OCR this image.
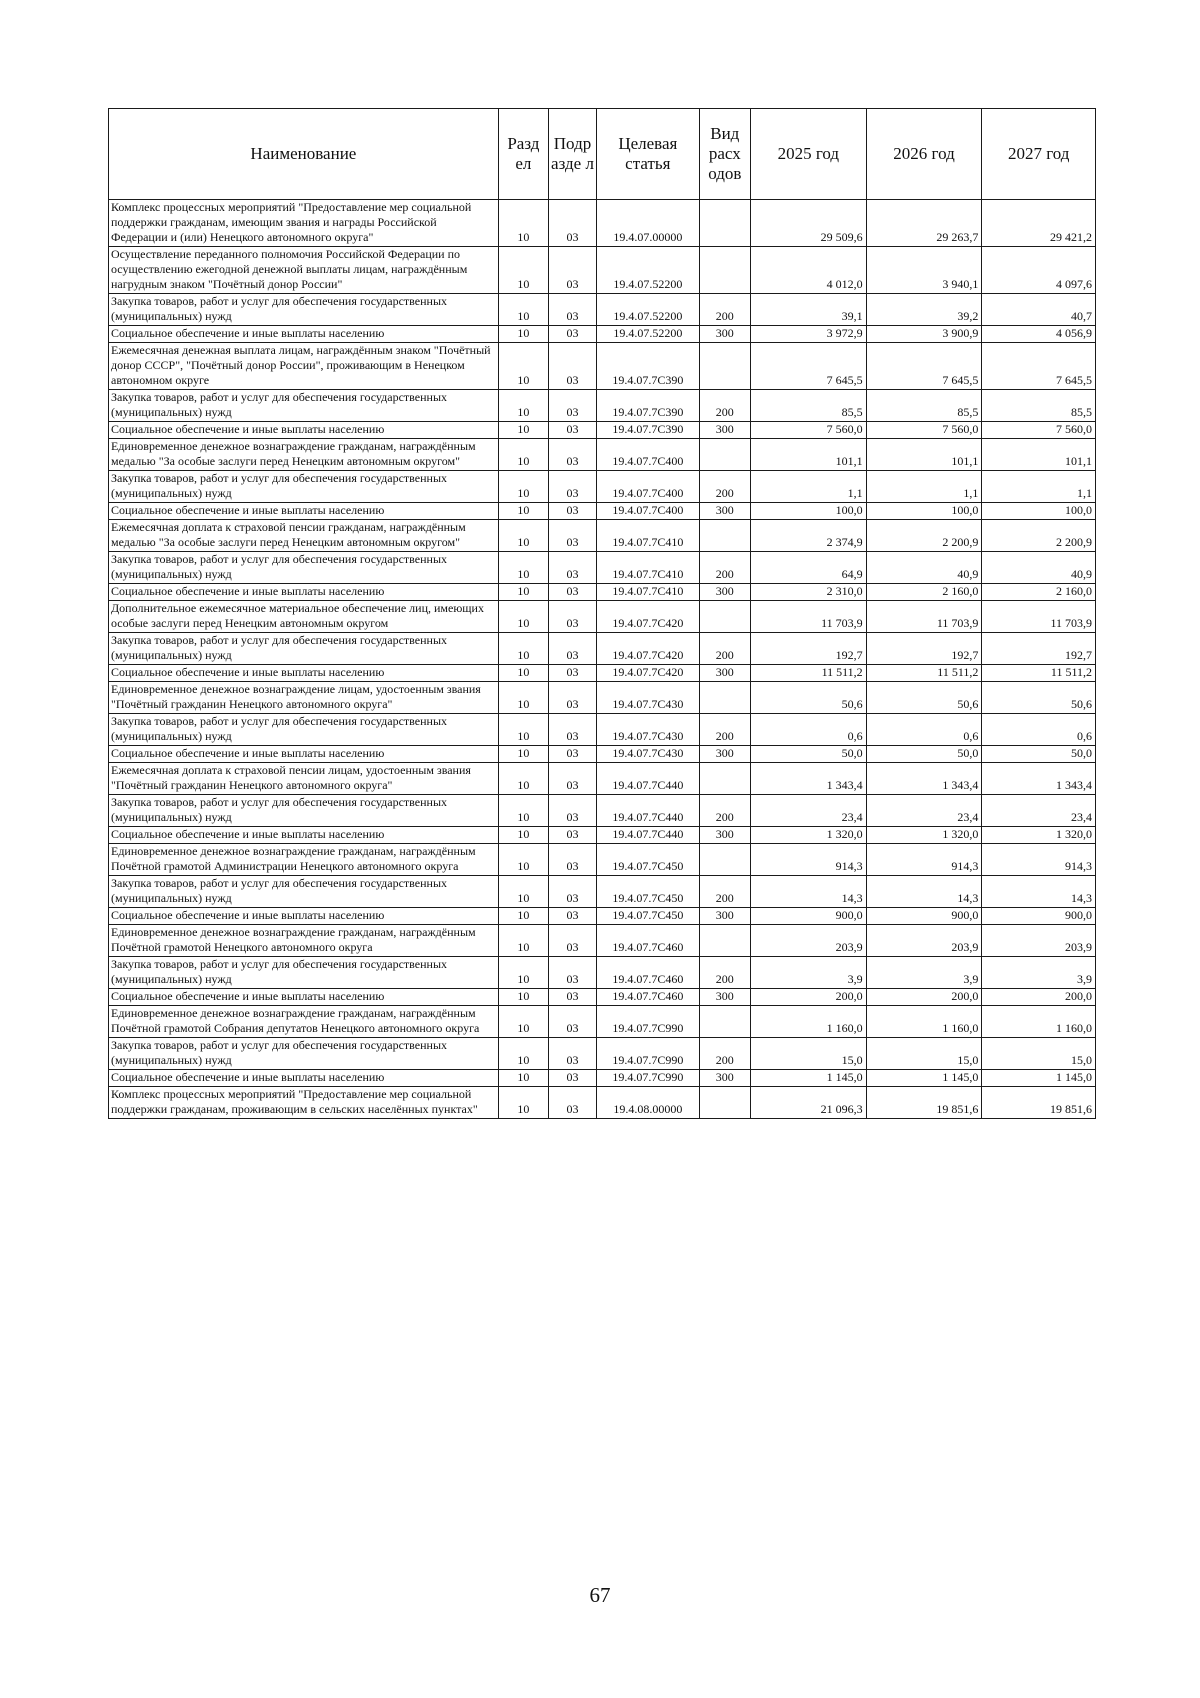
Наименование	Разд ел	Подр азде л	Целевая статья	Вид расх одов	2025 год	2026 год	2027 год
Комплекс процессных мероприятий "Предоставление мер социальной поддержки гражданам, имеющим звания и награды Российской Федерации и (или) Ненецкого автономного округа"	10	03	19.4.07.00000		29 509,6	29 263,7	29 421,2
Осуществление переданного полномочия Российской Федерации по осуществлению ежегодной денежной выплаты лицам, награждённым нагрудным знаком "Почётный донор России"	10	03	19.4.07.52200		4 012,0	3 940,1	4 097,6
Закупка товаров, работ и услуг для обеспечения государственных (муниципальных) нужд	10	03	19.4.07.52200	200	39,1	39,2	40,7
Социальное обеспечение и иные выплаты населению	10	03	19.4.07.52200	300	3 972,9	3 900,9	4 056,9
Ежемесячная денежная выплата лицам, награждённым знаком "Почётный донор СССР", "Почётный донор России", проживающим в Ненецком автономном округе	10	03	19.4.07.7С390		7 645,5	7 645,5	7 645,5
Закупка товаров, работ и услуг для обеспечения государственных (муниципальных) нужд	10	03	19.4.07.7С390	200	85,5	85,5	85,5
Социальное обеспечение и иные выплаты населению	10	03	19.4.07.7С390	300	7 560,0	7 560,0	7 560,0
Единовременное денежное вознаграждение гражданам, награждённым медалью "За особые заслуги перед Ненецким автономным округом"	10	03	19.4.07.7С400		101,1	101,1	101,1
Закупка товаров, работ и услуг для обеспечения государственных (муниципальных) нужд	10	03	19.4.07.7С400	200	1,1	1,1	1,1
Социальное обеспечение и иные выплаты населению	10	03	19.4.07.7С400	300	100,0	100,0	100,0
Ежемесячная доплата к страховой пенсии гражданам, награждённым медалью "За особые заслуги перед Ненецким автономным округом"	10	03	19.4.07.7С410		2 374,9	2 200,9	2 200,9
Закупка товаров, работ и услуг для обеспечения государственных (муниципальных) нужд	10	03	19.4.07.7С410	200	64,9	40,9	40,9
Социальное обеспечение и иные выплаты населению	10	03	19.4.07.7С410	300	2 310,0	2 160,0	2 160,0
Дополнительное ежемесячное материальное обеспечение лиц, имеющих особые заслуги перед Ненецким автономным округом	10	03	19.4.07.7С420		11 703,9	11 703,9	11 703,9
Закупка товаров, работ и услуг для обеспечения государственных (муниципальных) нужд	10	03	19.4.07.7С420	200	192,7	192,7	192,7
Социальное обеспечение и иные выплаты населению	10	03	19.4.07.7С420	300	11 511,2	11 511,2	11 511,2
Единовременное денежное вознаграждение лицам, удостоенным звания "Почётный гражданин Ненецкого автономного округа"	10	03	19.4.07.7С430		50,6	50,6	50,6
Закупка товаров, работ и услуг для обеспечения государственных (муниципальных) нужд	10	03	19.4.07.7С430	200	0,6	0,6	0,6
Социальное обеспечение и иные выплаты населению	10	03	19.4.07.7С430	300	50,0	50,0	50,0
Ежемесячная доплата к страховой пенсии лицам, удостоенным звания "Почётный гражданин Ненецкого автономного округа"	10	03	19.4.07.7С440		1 343,4	1 343,4	1 343,4
Закупка товаров, работ и услуг для обеспечения государственных (муниципальных) нужд	10	03	19.4.07.7С440	200	23,4	23,4	23,4
Социальное обеспечение и иные выплаты населению	10	03	19.4.07.7С440	300	1 320,0	1 320,0	1 320,0
Единовременное денежное вознаграждение гражданам, награждённым Почётной грамотой Администрации Ненецкого автономного округа	10	03	19.4.07.7С450		914,3	914,3	914,3
Закупка товаров, работ и услуг для обеспечения государственных (муниципальных) нужд	10	03	19.4.07.7С450	200	14,3	14,3	14,3
Социальное обеспечение и иные выплаты населению	10	03	19.4.07.7С450	300	900,0	900,0	900,0
Единовременное денежное вознаграждение гражданам, награждённым Почётной грамотой Ненецкого автономного округа	10	03	19.4.07.7С460		203,9	203,9	203,9
Закупка товаров, работ и услуг для обеспечения государственных (муниципальных) нужд	10	03	19.4.07.7С460	200	3,9	3,9	3,9
Социальное обеспечение и иные выплаты населению	10	03	19.4.07.7С460	300	200,0	200,0	200,0
Единовременное денежное вознаграждение гражданам, награждённым Почётной грамотой Собрания депутатов Ненецкого автономного округа	10	03	19.4.07.7С990		1 160,0	1 160,0	1 160,0
Закупка товаров, работ и услуг для обеспечения государственных (муниципальных) нужд	10	03	19.4.07.7С990	200	15,0	15,0	15,0
Социальное обеспечение и иные выплаты населению	10	03	19.4.07.7С990	300	1 145,0	1 145,0	1 145,0
Комплекс процессных мероприятий "Предоставление мер социальной поддержки гражданам, проживающим в сельских населённых пунктах"	10	03	19.4.08.00000		21 096,3	19 851,6	19 851,6
67
